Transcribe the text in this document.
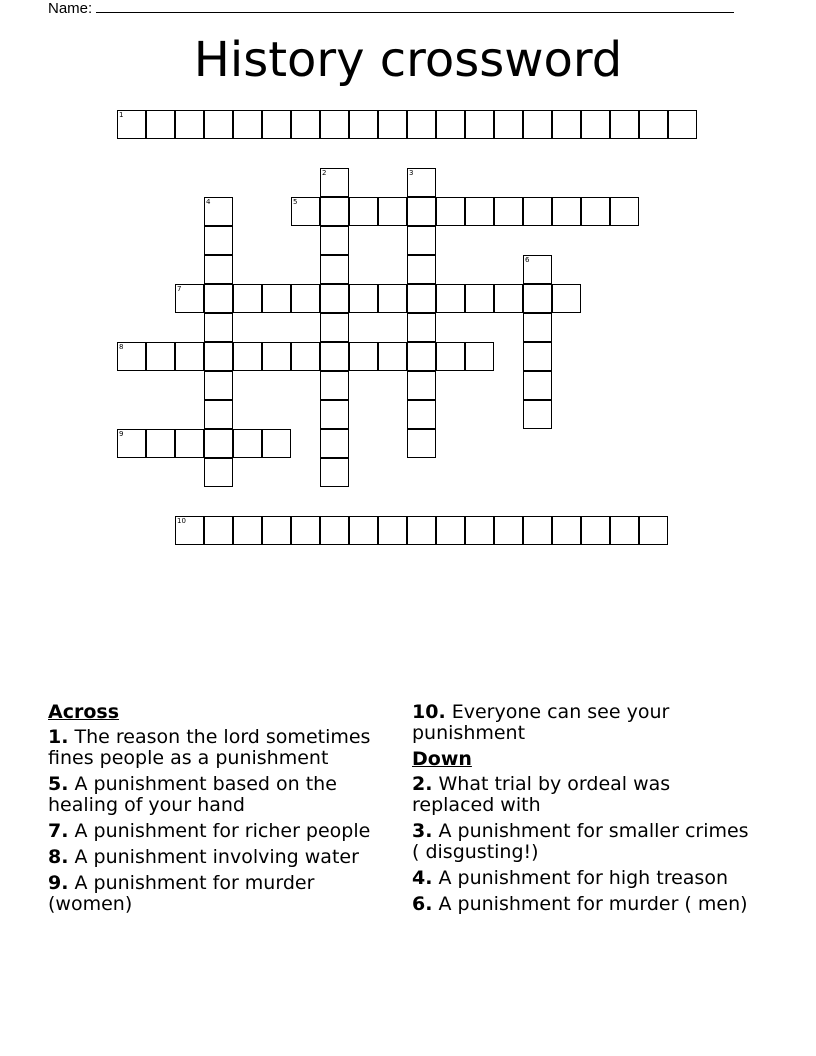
Name:
History crossword
1
5
7
8
9
10
2	3
4
6
Across
1. The reason the lord sometimes fines people as a punishment
5. A punishment based on the healing of your hand
7. A punishment for richer people
8. A punishment involving water
9. A punishment for murder (women)
10. Everyone can see your punishment
Down
2. What trial by ordeal was replaced with
3. A punishment for smaller crimes ( disgusting!)
4. A punishment for high treason
6. A punishment for murder ( men)
